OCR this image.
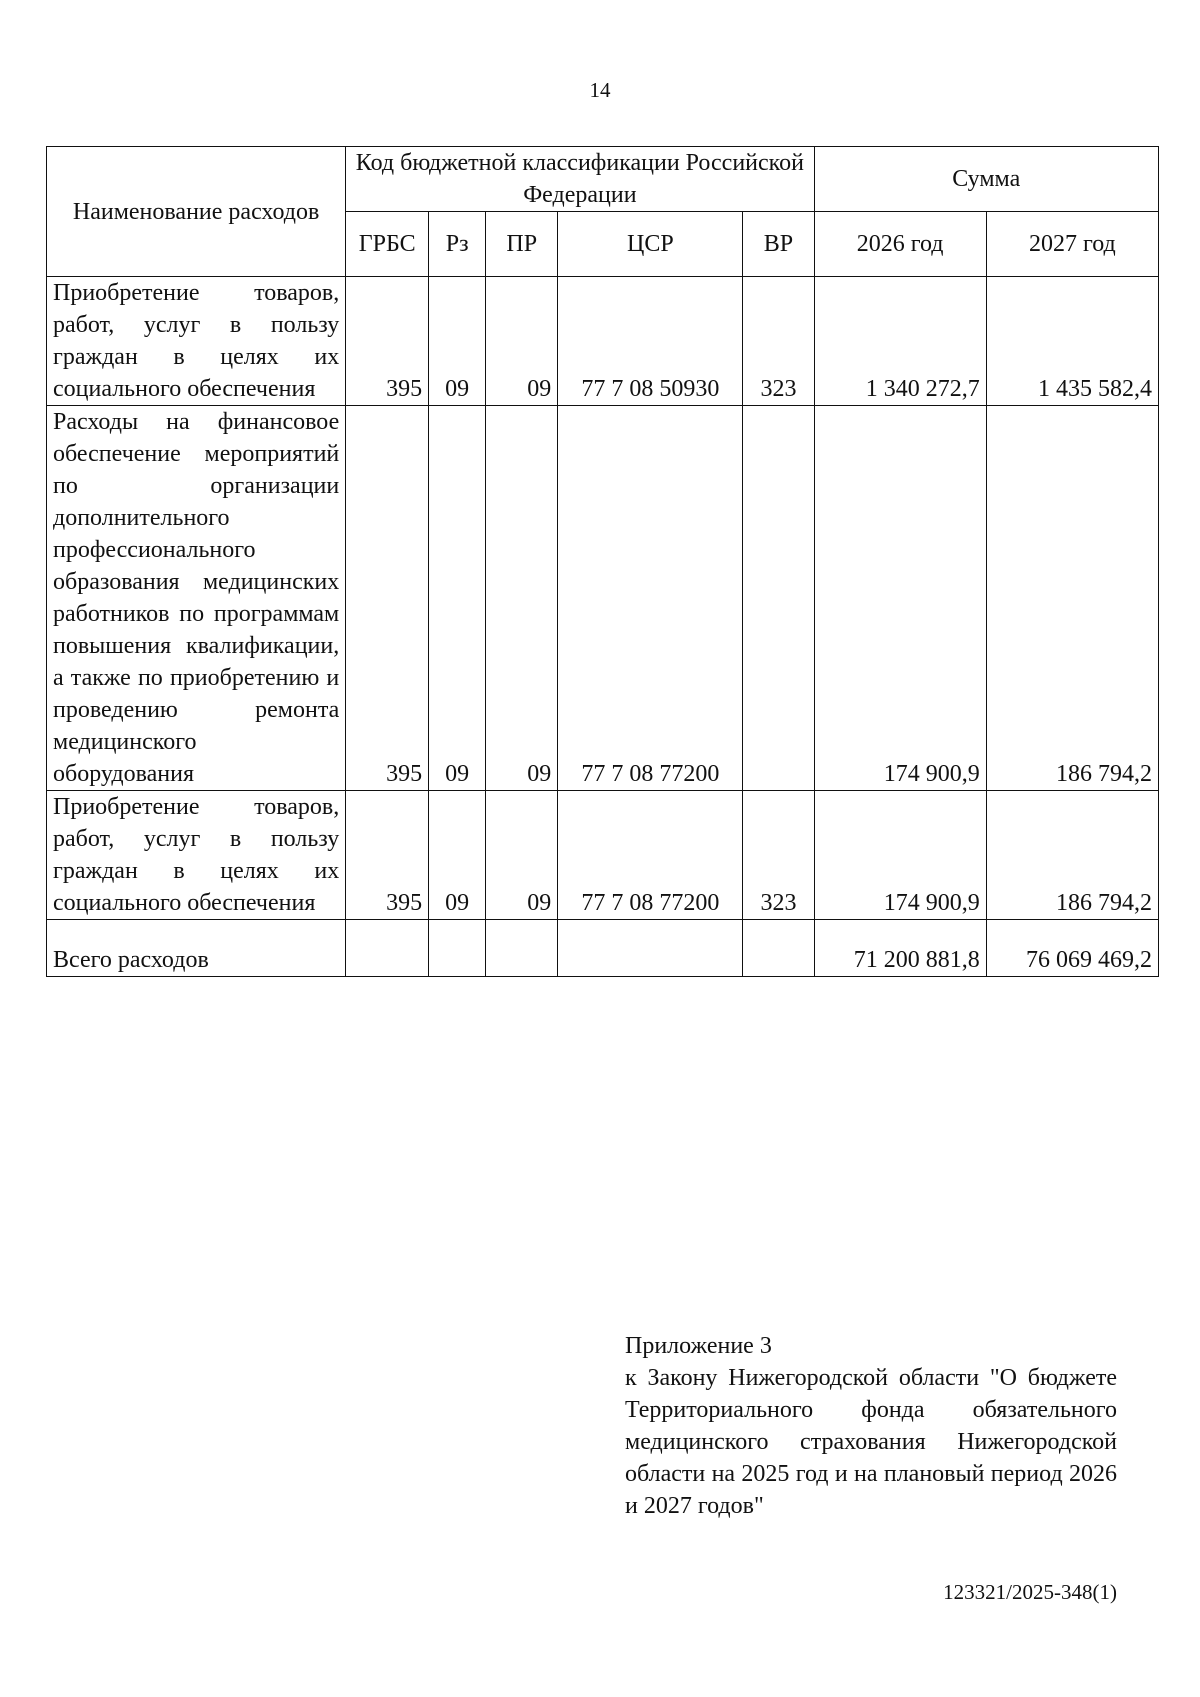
14
Наименование расходов	Код бюджетной классификации Российской Федерации					Сумма	
	ГРБС	Рз	ПР	ЦСР	ВР	2026 год	2027 год
Приобретение товаров, работ, услуг в пользу граждан в целях их социального обеспечения	395	09	09	77 7 08 50930	323	1 340 272,7	1 435 582,4
Расходы на финансовое обеспечение мероприятий по организации дополнительного профессионального образования медицинских работников по программам повышения квалификации, а также по приобретению и проведению ремонта медицинского оборудования	395	09	09	77 7 08 77200		174 900,9	186 794,2
Приобретение товаров, работ, услуг в пользу граждан в целях их социального обеспечения	395	09	09	77 7 08 77200	323	174 900,9	186 794,2
Всего расходов						71 200 881,8	76 069 469,2
Приложение 3
к Закону Нижегородской области "О бюджете Территориального фонда обязательного медицинского страхования Нижегородской области на 2025 год и на плановый период 2026 и 2027 годов"
123321/2025-348(1)
